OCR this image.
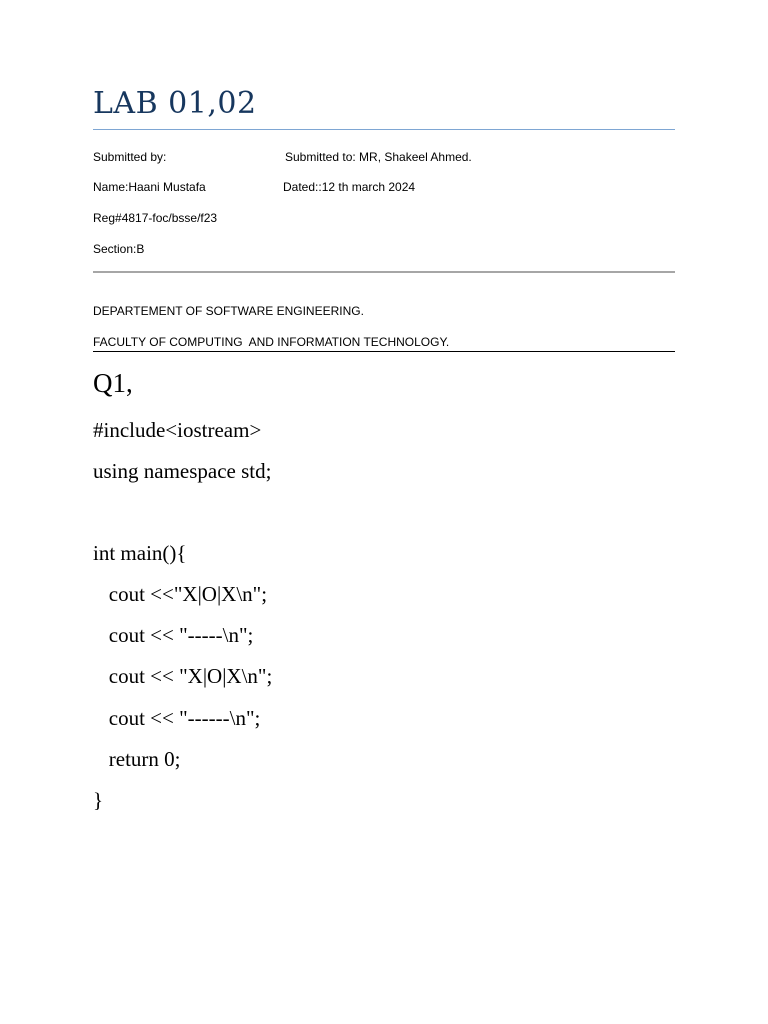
LAB 01,02
Submitted by:	Submitted to: MR, Shakeel Ahmed.
Name:Haani Mustafa	Dated::12 th march 2024
Reg#4817-foc/bsse/f23
Section:B
DEPARTEMENT OF SOFTWARE ENGINEERING.
FACULTY OF COMPUTING  AND INFORMATION TECHNOLOGY.
Q1,
#include<iostream>
using namespace std;
int main(){
cout <<"X|O|X\n";
cout << "-----\n";
cout << "X|O|X\n";
cout << "------\n";
return 0;
}
